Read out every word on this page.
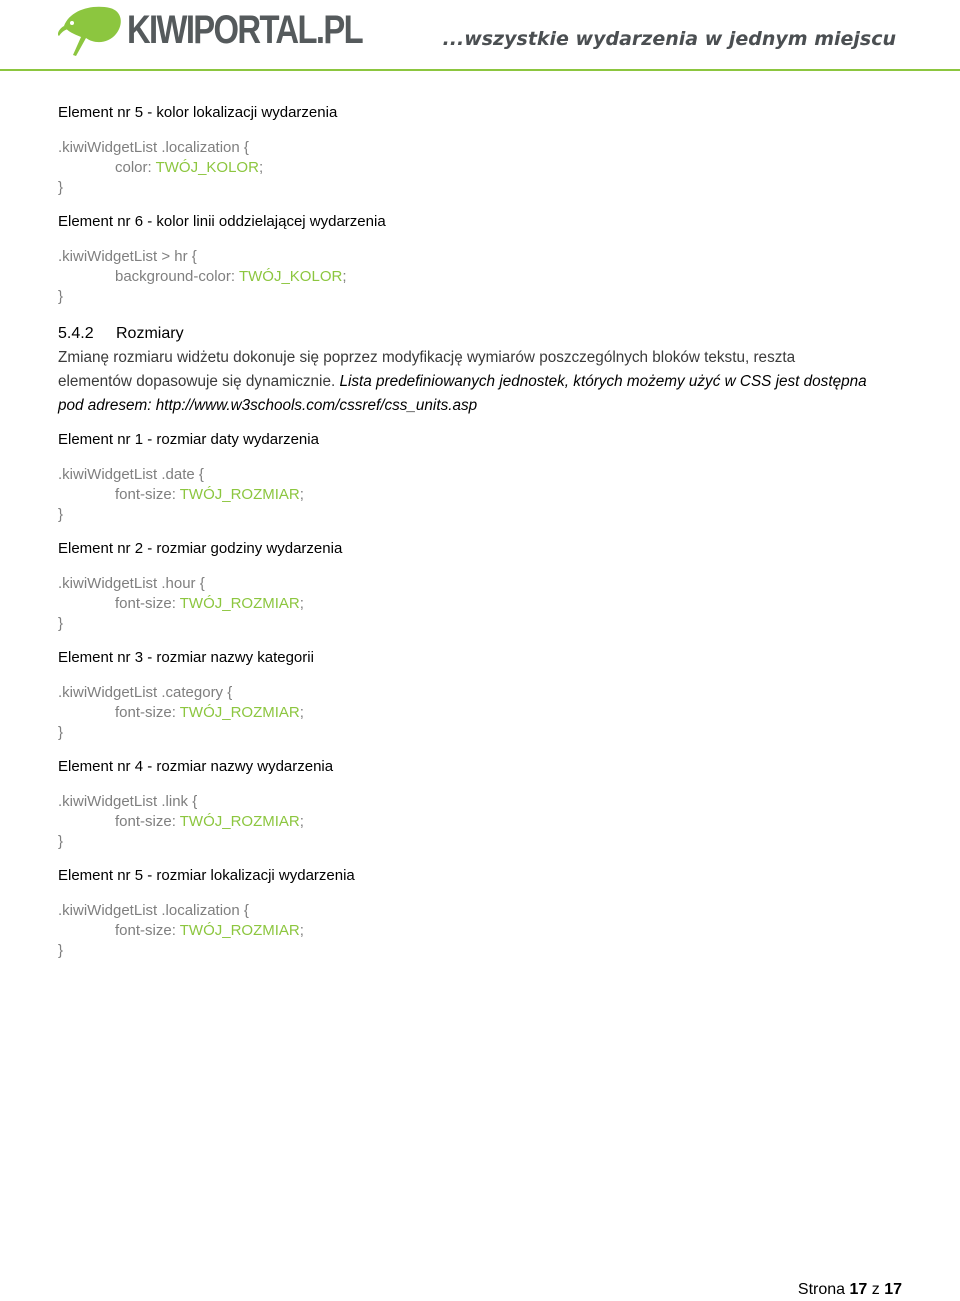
KIWIPORTAL.PL	...wszystkie wydarzenia w jednym miejscu
Element nr 5 - kolor lokalizacji wydarzenia
.kiwiWidgetList .localization {
color: TWÓJ_KOLOR;
}
Element nr 6 - kolor linii oddzielającej wydarzenia
.kiwiWidgetList > hr {
background-color: TWÓJ_KOLOR;
}
5.4.2 Rozmiary
Zmianę rozmiaru widżetu dokonuje się poprzez modyfikację wymiarów poszczególnych bloków tekstu, reszta
elementów dopasowuje się dynamicznie. Lista predefiniowanych jednostek, których możemy użyć w CSS jest dostępna
pod adresem: http://www.w3schools.com/cssref/css_units.asp
Element nr 1 - rozmiar daty wydarzenia
.kiwiWidgetList .date {
font-size: TWÓJ_ROZMIAR;
}
Element nr 2 - rozmiar godziny wydarzenia
.kiwiWidgetList .hour {
font-size: TWÓJ_ROZMIAR;
}
Element nr 3 - rozmiar nazwy kategorii
.kiwiWidgetList .category {
font-size: TWÓJ_ROZMIAR;
}
Element nr 4 - rozmiar nazwy wydarzenia
.kiwiWidgetList .link {
font-size: TWÓJ_ROZMIAR;
}
Element nr 5 - rozmiar lokalizacji wydarzenia
.kiwiWidgetList .localization {
font-size: TWÓJ_ROZMIAR;
}
Strona 17 z 17
